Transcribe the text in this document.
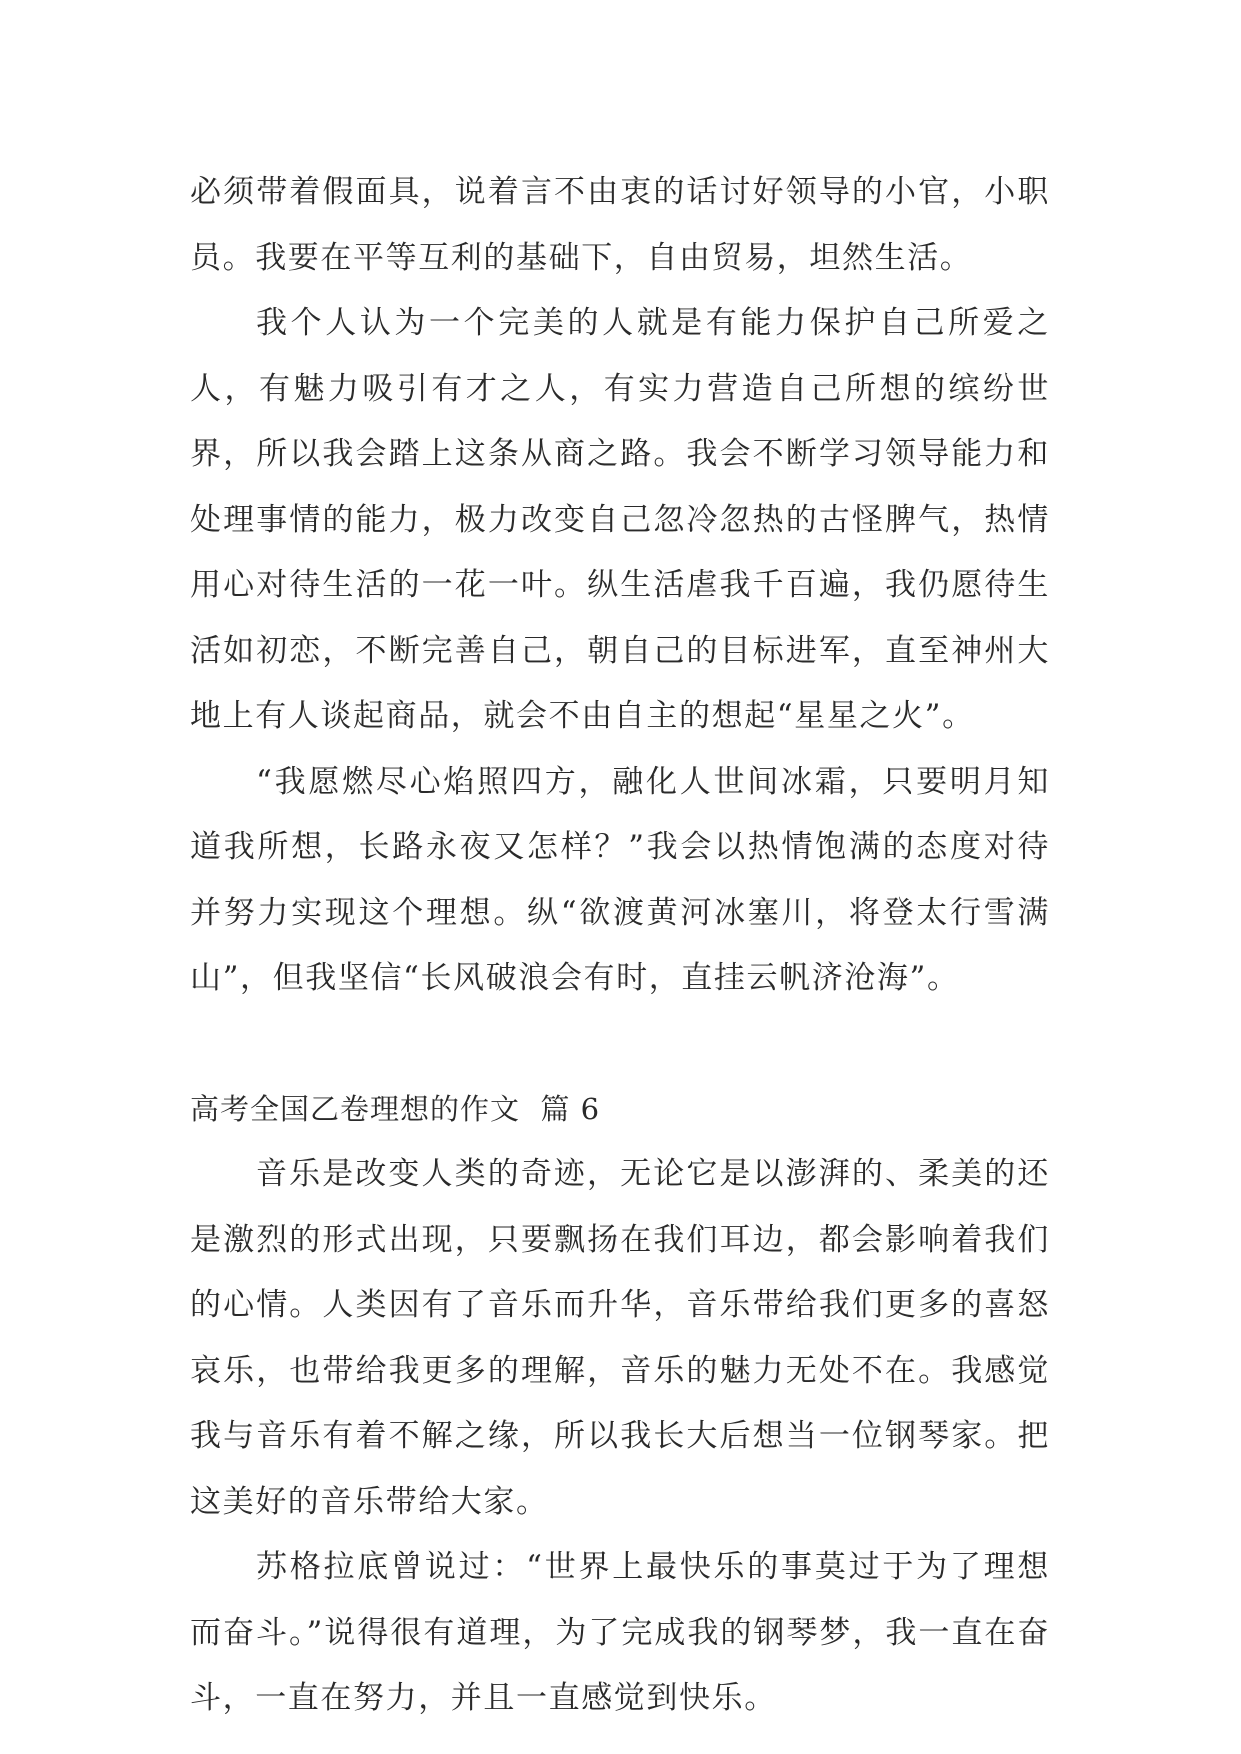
必须带着假面具，说着言不由衷的话讨好领导的小官，小职员。我要在平等互利的基础下，自由贸易，坦然生活。

我个人认为一个完美的人就是有能力保护自己所爱之人，有魅力吸引有才之人，有实力营造自己所想的缤纷世界，所以我会踏上这条从商之路。我会不断学习领导能力和处理事情的能力，极力改变自己忽冷忽热的古怪脾气，热情用心对待生活的一花一叶。纵生活虐我千百遍，我仍愿待生活如初恋，不断完善自己，朝自己的目标进军，直至神州大地上有人谈起商品，就会不由自主的想起“星星之火”。

“我愿燃尽心焰照四方，融化人世间冰霜，只要明月知道我所想，长路永夜又怎样？”我会以热情饱满的态度对待并努力实现这个理想。纵“欲渡黄河冰塞川，将登太行雪满山”，但我坚信“长风破浪会有时，直挂云帆济沧海”。

高考全国乙卷理想的作文  篇 6

音乐是改变人类的奇迹，无论它是以澎湃的、柔美的还是激烈的形式出现，只要飘扬在我们耳边，都会影响着我们的心情。人类因有了音乐而升华，音乐带给我们更多的喜怒哀乐，也带给我更多的理解，音乐的魅力无处不在。我感觉我与音乐有着不解之缘，所以我长大后想当一位钢琴家。把这美好的音乐带给大家。

苏格拉底曾说过：“世界上最快乐的事莫过于为了理想而奋斗。”说得很有道理，为了完成我的钢琴梦，我一直在奋斗，一直在努力，并且一直感觉到快乐。
